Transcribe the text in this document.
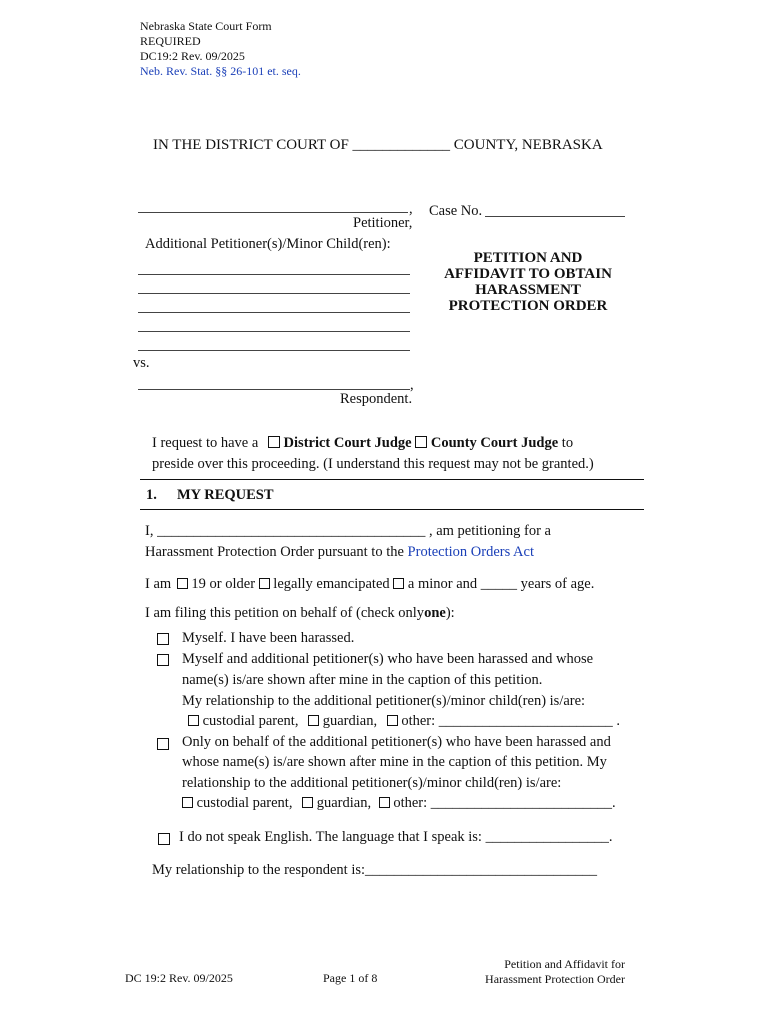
Nebraska State Court Form
REQUIRED
DC19:2 Rev. 09/2025
Neb. Rev. Stat. §§ 26-101 et. seq.
IN THE DISTRICT COURT OF _____________ COUNTY, NEBRASKA
,
Petitioner,
Additional Petitioner(s)/Minor Child(ren):
vs.
,
Respondent.
Case No.
PETITION AND
AFFIDAVIT TO OBTAIN
HARASSMENT
PROTECTION ORDER
I request to have a District Court Judge County Court Judge to
preside over this proceeding. (I understand this request may not be granted.)
1. MY REQUEST
I, _____________________________________ , am petitioning for a
Harassment Protection Order pursuant to the Protection Orders Act
I am 19 or older legally emancipated a minor and _____ years of age.
I am filing this petition on behalf of (check onlyone):
Myself. I have been harassed.
Myself and additional petitioner(s) who have been harassed and whose
name(s) is/are shown after mine in the caption of this petition.
My relationship to the additional petitioner(s)/minor child(ren) is/are:
custodial parent, guardian, other: ________________________ .
Only on behalf of the additional petitioner(s) who have been harassed and
whose name(s) is/are shown after mine in the caption of this petition. My
relationship to the additional petitioner(s)/minor child(ren) is/are:
custodial parent, guardian, other: _________________________.
I do not speak English. The language that I speak is: _________________.
My relationship to the respondent is:________________________________
DC 19:2 Rev. 09/2025	Page 1 of 8
Petition and Affidavit for
Harassment Protection Order
